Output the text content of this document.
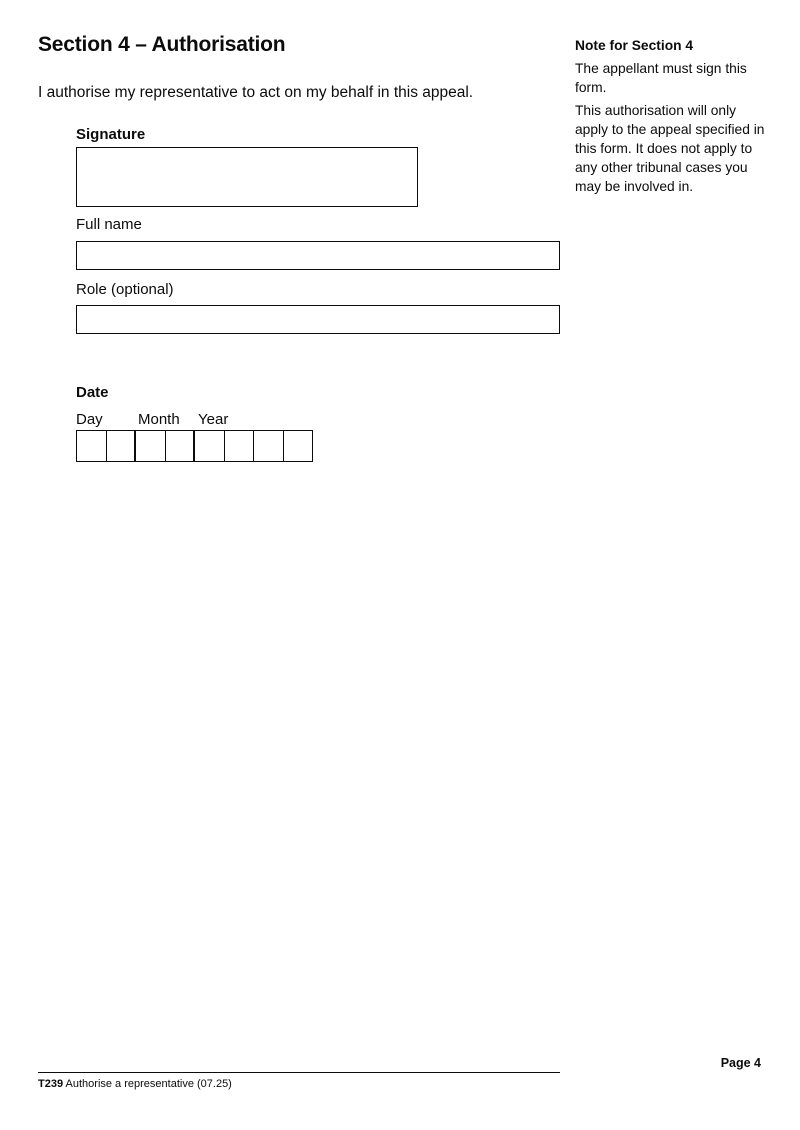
Section 4 – Authorisation
I authorise my representative to act on my behalf in this appeal.
Signature
Full name
Role (optional)
Date
Day Month Year
Note for Section 4

The appellant must sign this form.

This authorisation will only apply to the appeal specified in this form. It does not apply to any other tribunal cases you may be involved in.

Page 4
T239 Authorise a representative (07.25)
